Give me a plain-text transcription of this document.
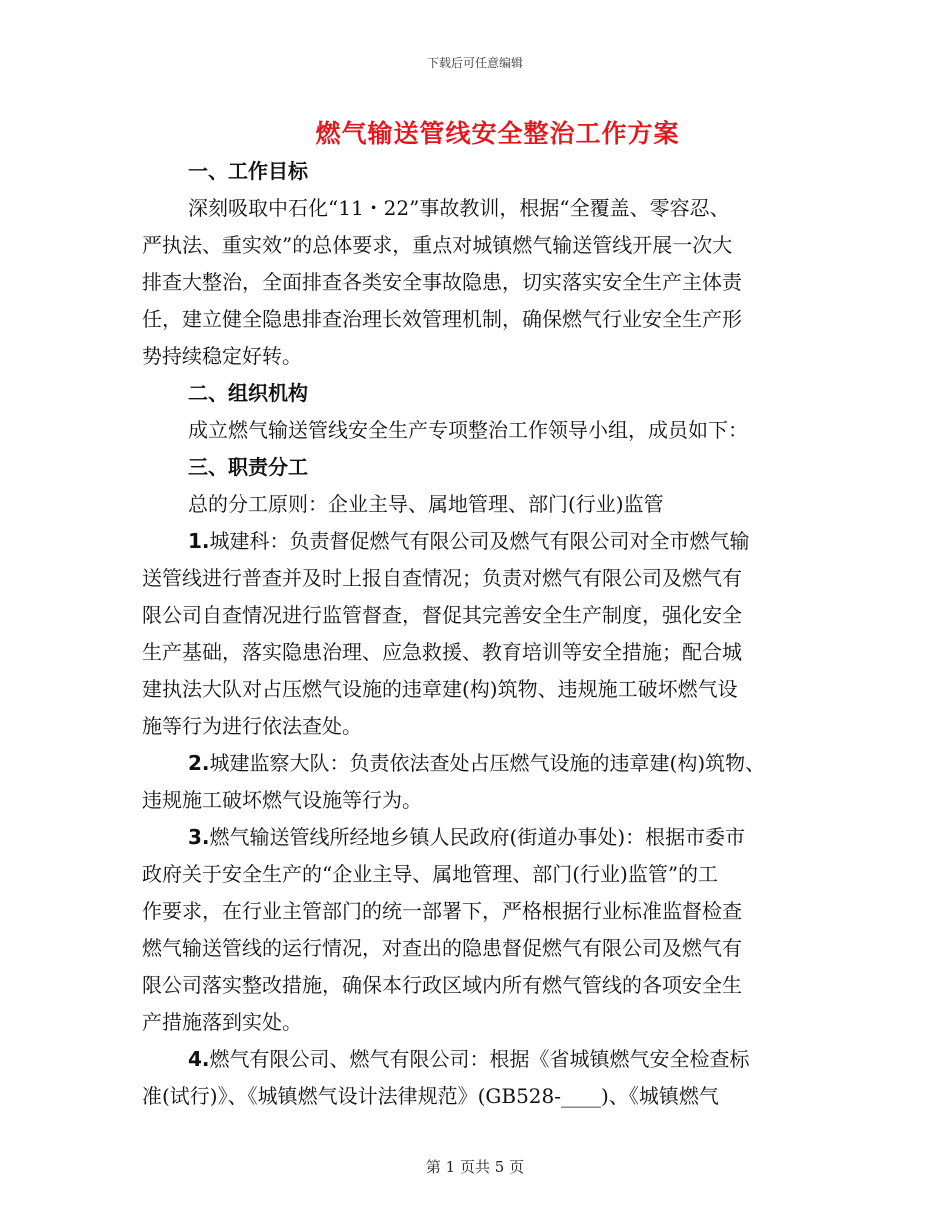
下载后可任意编辑
燃气输送管线安全整治工作方案
一、工作目标
深刻吸取中石化“11・22”事故教训，根据“全覆盖、零容忍、
严执法、重实效”的总体要求，重点对城镇燃气输送管线开展一次大
排查大整治，全面排查各类安全事故隐患，切实落实安全生产主体责
任，建立健全隐患排查治理长效管理机制，确保燃气行业安全生产形
势持续稳定好转。
二、组织机构
成立燃气输送管线安全生产专项整治工作领导小组，成员如下：
三、职责分工
总的分工原则：企业主导、属地管理、部门(行业)监管
1.城建科：负责督促燃气有限公司及燃气有限公司对全市燃气输
送管线进行普查并及时上报自查情况；负责对燃气有限公司及燃气有
限公司自查情况进行监管督查，督促其完善安全生产制度，强化安全
生产基础，落实隐患治理、应急救援、教育培训等安全措施；配合城
建执法大队对占压燃气设施的违章建(构)筑物、违规施工破坏燃气设
施等行为进行依法查处。
2.城建监察大队：负责依法查处占压燃气设施的违章建(构)筑物、
违规施工破坏燃气设施等行为。
3.燃气输送管线所经地乡镇人民政府(街道办事处)：根据市委市
政府关于安全生产的“企业主导、属地管理、部门(行业)监管”的工
作要求，在行业主管部门的统一部署下，严格根据行业标准监督检查
燃气输送管线的运行情况，对查出的隐患督促燃气有限公司及燃气有
限公司落实整改措施，确保本行政区域内所有燃气管线的各项安全生
产措施落到实处。
4.燃气有限公司、燃气有限公司：根据《省城镇燃气安全检查标
准(试行)》、《城镇燃气设计法律规范》(GB528-____)、《城镇燃气
第 1 页共 5 页
